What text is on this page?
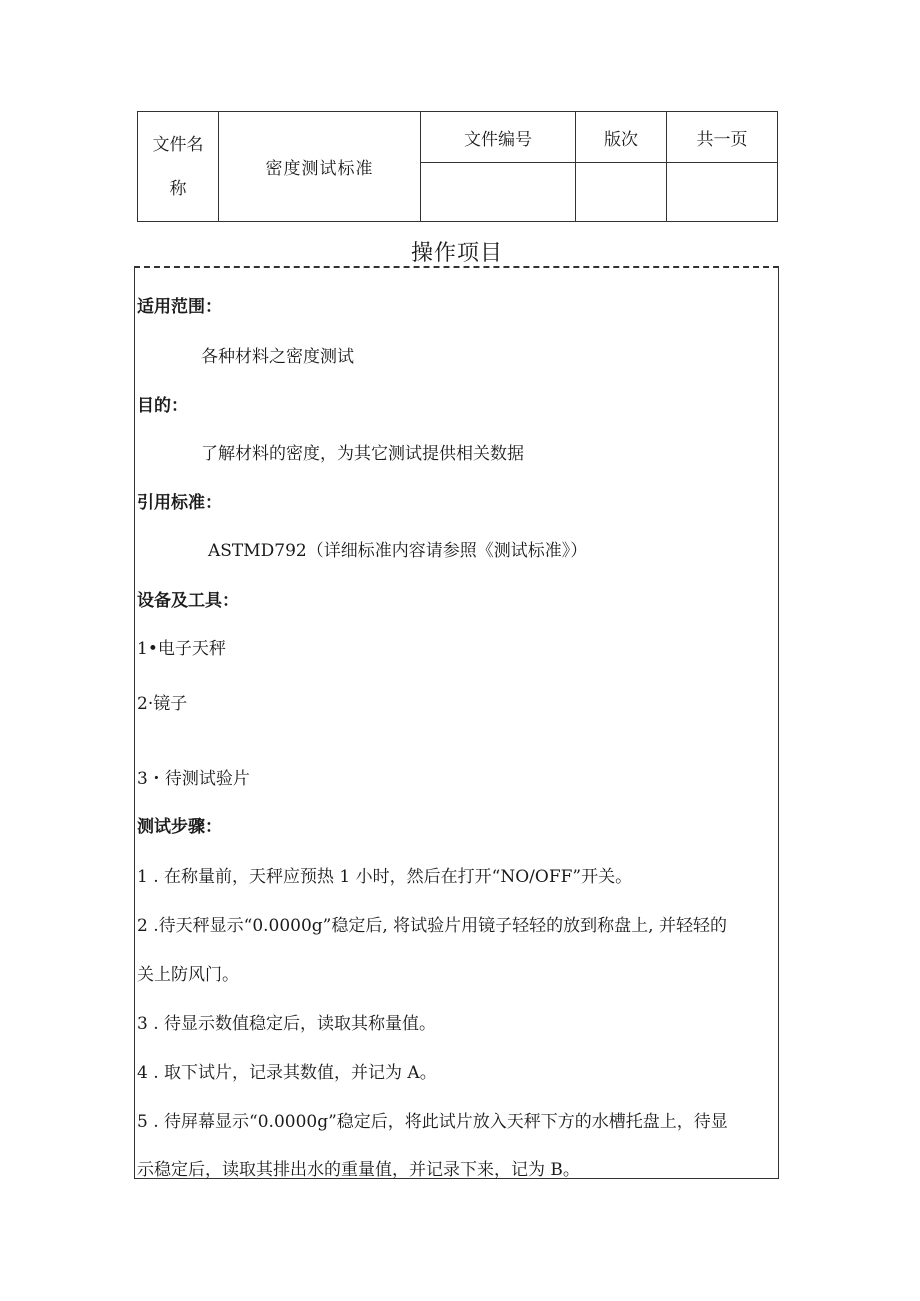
文件名
称	密度测试标准	文件编号	版次	共一页

操作项目
适用范围：
各种材料之密度测试
目的：
了解材料的密度，为其它测试提供相关数据
引用标准：
ASTMD792（详细标准内容请参照《测试标准》）
设备及工具：
1•电子天秤
2·镜子
3・待测试验片
测试步骤：
1 . 在称量前，天秤应预热 1 小时，然后在打开“NO/OFF”开关。
2 .待天秤显示“0.0000g”稳定后, 将试验片用镜子轻轻的放到称盘上, 并轻轻的
关上防风门。
3 . 待显示数值稳定后，读取其称量值。
4 . 取下试片，记录其数值，并记为 A。
5 . 待屏幕显示“0.0000g”稳定后，将此试片放入天秤下方的水槽托盘上，待显
示稳定后，读取其排出水的重量值，并记录下来，记为 B。
